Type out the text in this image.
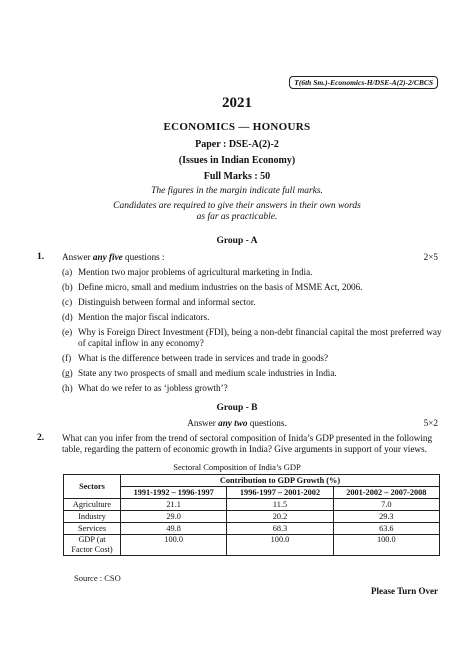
T(6th Sm.)-Economics-H/DSE-A(2)-2/CBCS
2021
ECONOMICS — HONOURS
Paper : DSE-A(2)-2
(Issues in Indian Economy)
Full Marks : 50
The figures in the margin indicate full marks.
Candidates are required to give their answers in their own words
as far as practicable.
Group - A
1. Answer any five questions :	2×5
(a) Mention two major problems of agricultural marketing in India.
(b) Define micro, small and medium industries on the basis of MSME Act, 2006.
(c) Distinguish between formal and informal sector.
(d) Mention the major fiscal indicators.
(e) Why is Foreign Direct Investment (FDI), being a non-debt financial capital the most preferred way
of capital inflow in any economy?
(f) What is the difference between trade in services and trade in goods?
(g) State any two prospects of small and medium scale industries in India.
(h) What do we refer to as ‘jobless growth’?
Group - B
Answer any two questions.	5×2
2. What can you infer from the trend of sectoral composition of Inida’s GDP presented in the following
table, regarding the pattern of economic growth in India? Give arguments in support of your views.
Sectoral Composition of India’s GDP
Sectors	Contribution to GDP Growth (%)		
	1991-1992 – 1996-1997	1996-1997 – 2001-2002	2001-2002 – 2007-2008
Agriculture	21.1	11.5	7.0
Industry	29.0	20.2	29.3
Services	49.8	68.3	63.6
GDP (at
Factor Cost)	100.0	100.0	100.0
Source : CSO
Please Turn Over
